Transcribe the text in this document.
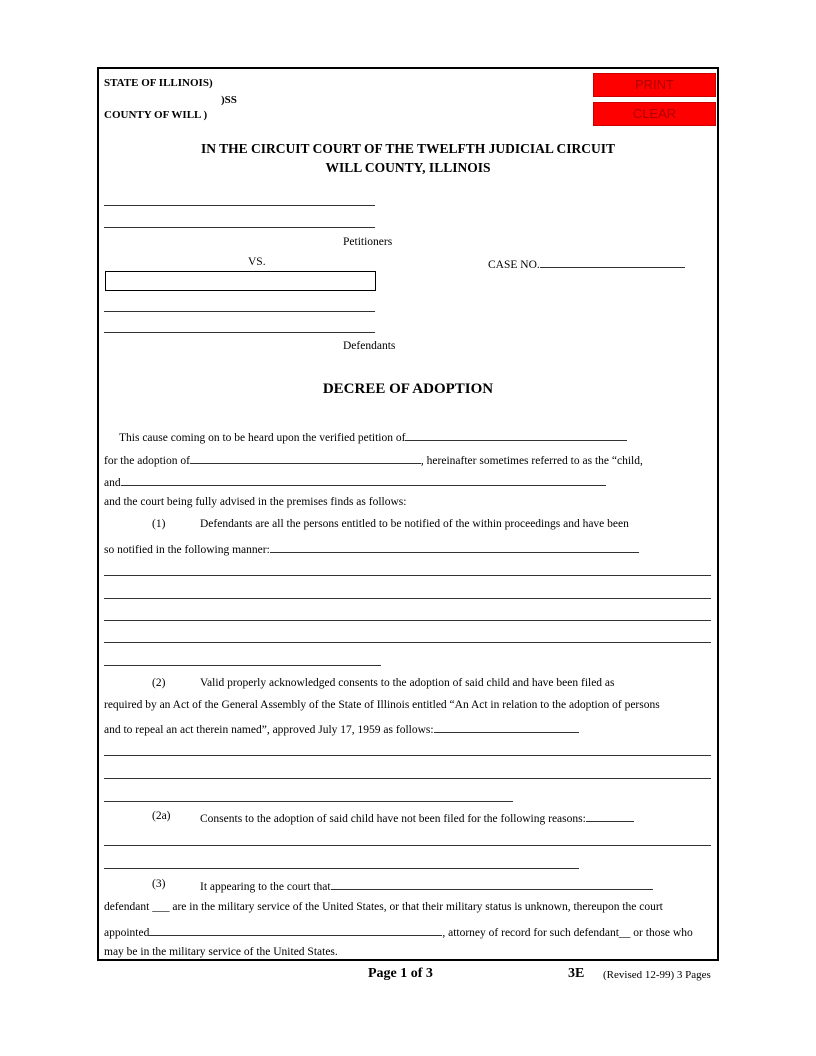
STATE OF ILLINOIS)
)SS
COUNTY OF WILL )
PRINT
CLEAR
IN THE CIRCUIT COURT OF THE TWELFTH JUDICIAL CIRCUIT
WILL COUNTY, ILLINOIS
Petitioners
VS.	CASE NO.
Defendants
DECREE OF ADOPTION
This cause coming on to be heard upon the verified petition of
for the adoption of	, hereinafter sometimes referred to as the “child,
and
and the court being fully advised in the premises finds as follows:
(1)	Defendants are all the persons entitled to be notified of the within proceedings and have been
so notified in the following manner:
(2)	Valid properly acknowledged consents to the adoption of said child and have been filed as
required by an Act of the General Assembly of the State of Illinois entitled “An Act in relation to the adoption of persons
and to repeal an act therein named”, approved July 17, 1959 as follows:
(2a)	Consents to the adoption of said child have not been filed for the following reasons:
(3)	It appearing to the court that
defendant ___ are in the military service of the United States, or that their military status is unknown, thereupon the court
appointed	, attorney of record for such defendant__ or those who
may be in the military service of the United States.
Page 1 of 3	3E (Revised 12-99) 3 Pages
